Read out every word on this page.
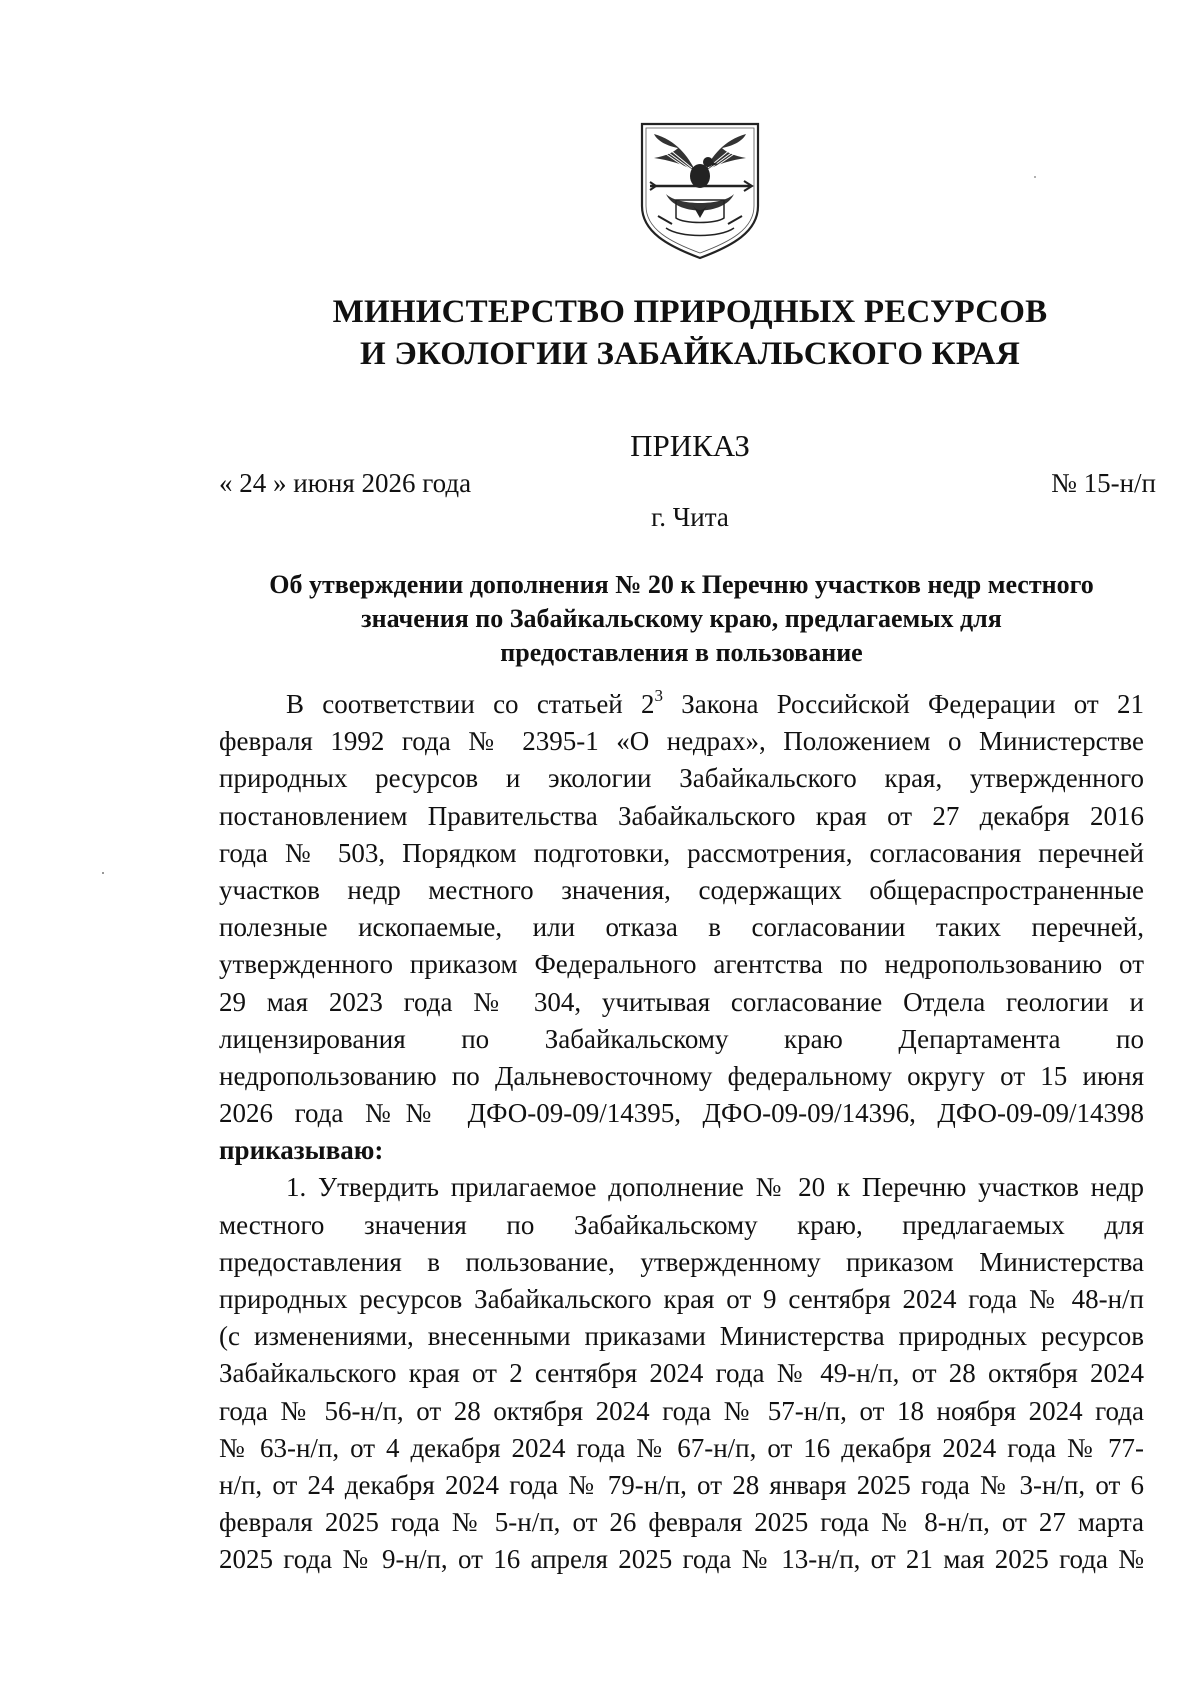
МИНИСТЕРСТВО ПРИРОДНЫХ РЕСУРСОВ
И ЭКОЛОГИИ ЗАБАЙКАЛЬСКОГО КРАЯ
ПРИКАЗ
« 24 » июня 2026 года	№ 15-н/п
г. Чита
Об утверждении дополнения № 20 к Перечню участков недр местного
значения по Забайкальскому краю, предлагаемых для
предоставления в пользование
В соответствии со статьей $2^3$ Закона Российской Федерации от 21
февраля 1992 года № 2395-1 «О недрах», Положением о Министерстве
природных ресурсов и экологии Забайкальского края, утвержденного
постановлением Правительства Забайкальского края от 27 декабря 2016
года № 503, Порядком подготовки, рассмотрения, согласования перечней
участков недр местного значения, содержащих общераспространенные
полезные ископаемые, или отказа в согласовании таких перечней,
утвержденного приказом Федерального агентства по недропользованию от
29 мая 2023 года № 304, учитывая согласование Отдела геологии и
лицензирования по Забайкальскому краю Департамента по
недропользованию по Дальневосточному федеральному округу от 15 июня
2026 года №№ ДФО-09-09/14395, ДФО-09-09/14396, ДФО-09-09/14398
приказываю:
1. Утвердить прилагаемое дополнение № 20 к Перечню участков недр
местного значения по Забайкальскому краю, предлагаемых для
предоставления в пользование, утвержденному приказом Министерства
природных ресурсов Забайкальского края от 9 сентября 2024 года № 48-н/п
(с изменениями, внесенными приказами Министерства природных ресурсов
Забайкальского края от 2 сентября 2024 года № 49-н/п, от 28 октября 2024
года № 56-н/п, от 28 октября 2024 года № 57-н/п, от 18 ноября 2024 года
№ 63-н/п, от 4 декабря 2024 года № 67-н/п, от 16 декабря 2024 года № 77-
н/п, от 24 декабря 2024 года № 79-н/п, от 28 января 2025 года № 3-н/п, от 6
февраля 2025 года № 5-н/п, от 26 февраля 2025 года № 8-н/п, от 27 марта
2025 года № 9-н/п, от 16 апреля 2025 года № 13-н/п, от 21 мая 2025 года №
